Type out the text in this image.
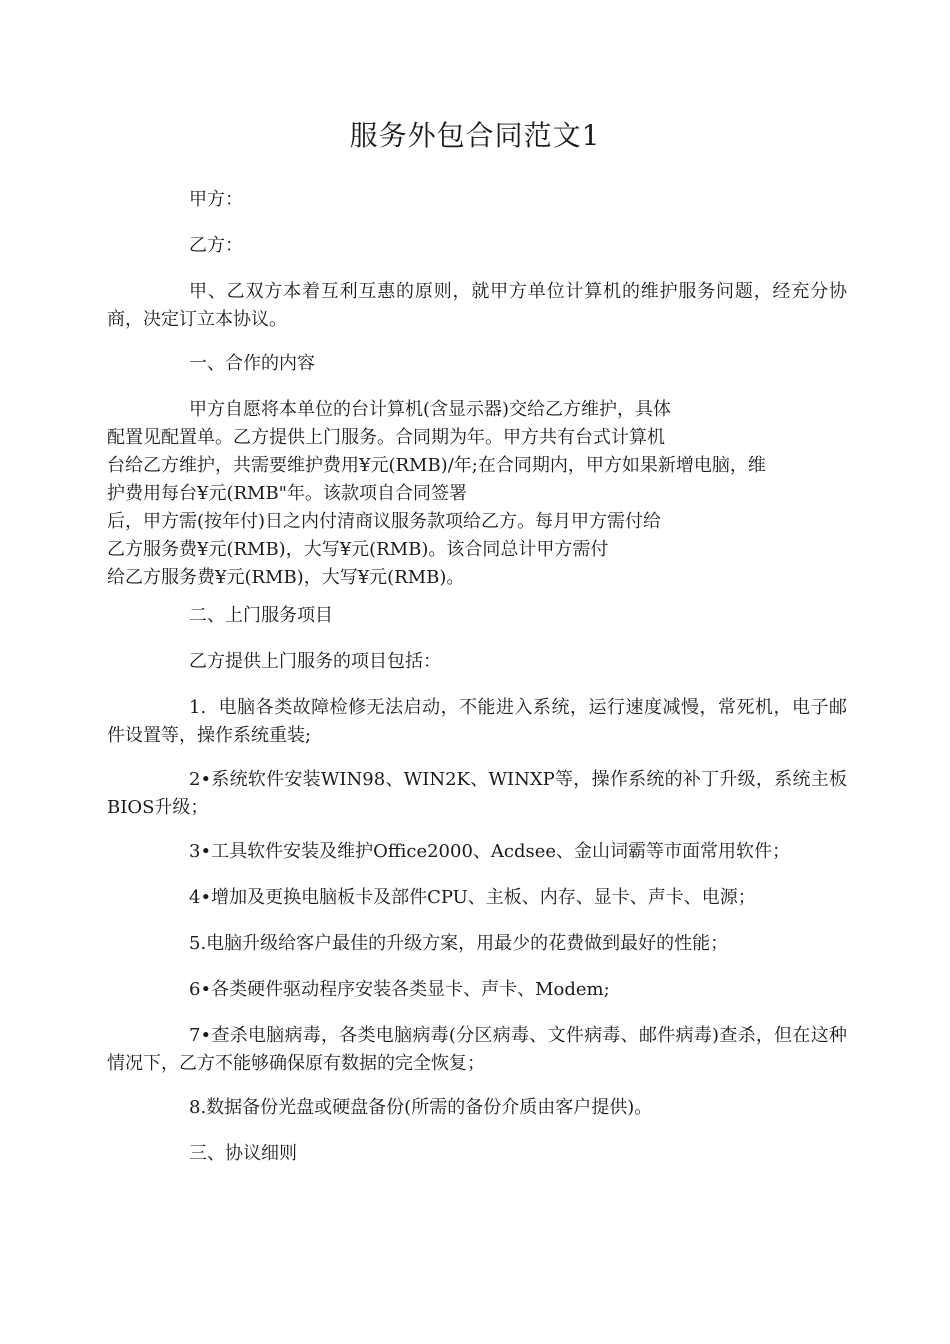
服务外包合同范文1
甲方：
乙方：
甲、乙双方本着互利互惠的原则，就甲方单位计算机的维护服务问题，经充分协商，决定订立本协议。
一、合作的内容
甲方自愿将本单位的台计算机(含显示器)交给乙方维护，具体
配置见配置单。乙方提供上门服务。合同期为年。甲方共有台式计算机
台给乙方维护，共需要维护费用¥元(RMB)/年;在合同期内，甲方如果新增电脑，维
护费用每台¥元(RMB"年。该款项自合同签署
后，甲方需(按年付)日之内付清商议服务款项给乙方。每月甲方需付给
乙方服务费¥元(RMB)，大写¥元(RMB)。该合同总计甲方需付
给乙方服务费¥元(RMB)，大写¥元(RMB)。
二、上门服务项目
乙方提供上门服务的项目包括：
1.  电脑各类故障检修无法启动，不能进入系统，运行速度减慢，常死机，电子邮件设置等，操作系统重装;
2•系统软件安装WIN98、WIN2K、WINXP等，操作系统的补丁升级，系统主板BIOS升级；
3•工具软件安装及维护Office2000、Acdsee、金山词霸等市面常用软件；
4•增加及更换电脑板卡及部件CPU、主板、内存、显卡、声卡、电源；
5.电脑升级给客户最佳的升级方案，用最少的花费做到最好的性能；
6•各类硬件驱动程序安装各类显卡、声卡、Modem;
7•查杀电脑病毒，各类电脑病毒(分区病毒、文件病毒、邮件病毒)查杀，但在这种情况下，乙方不能够确保原有数据的完全恢复；
8.数据备份光盘或硬盘备份(所需的备份介质由客户提供)。
三、协议细则
